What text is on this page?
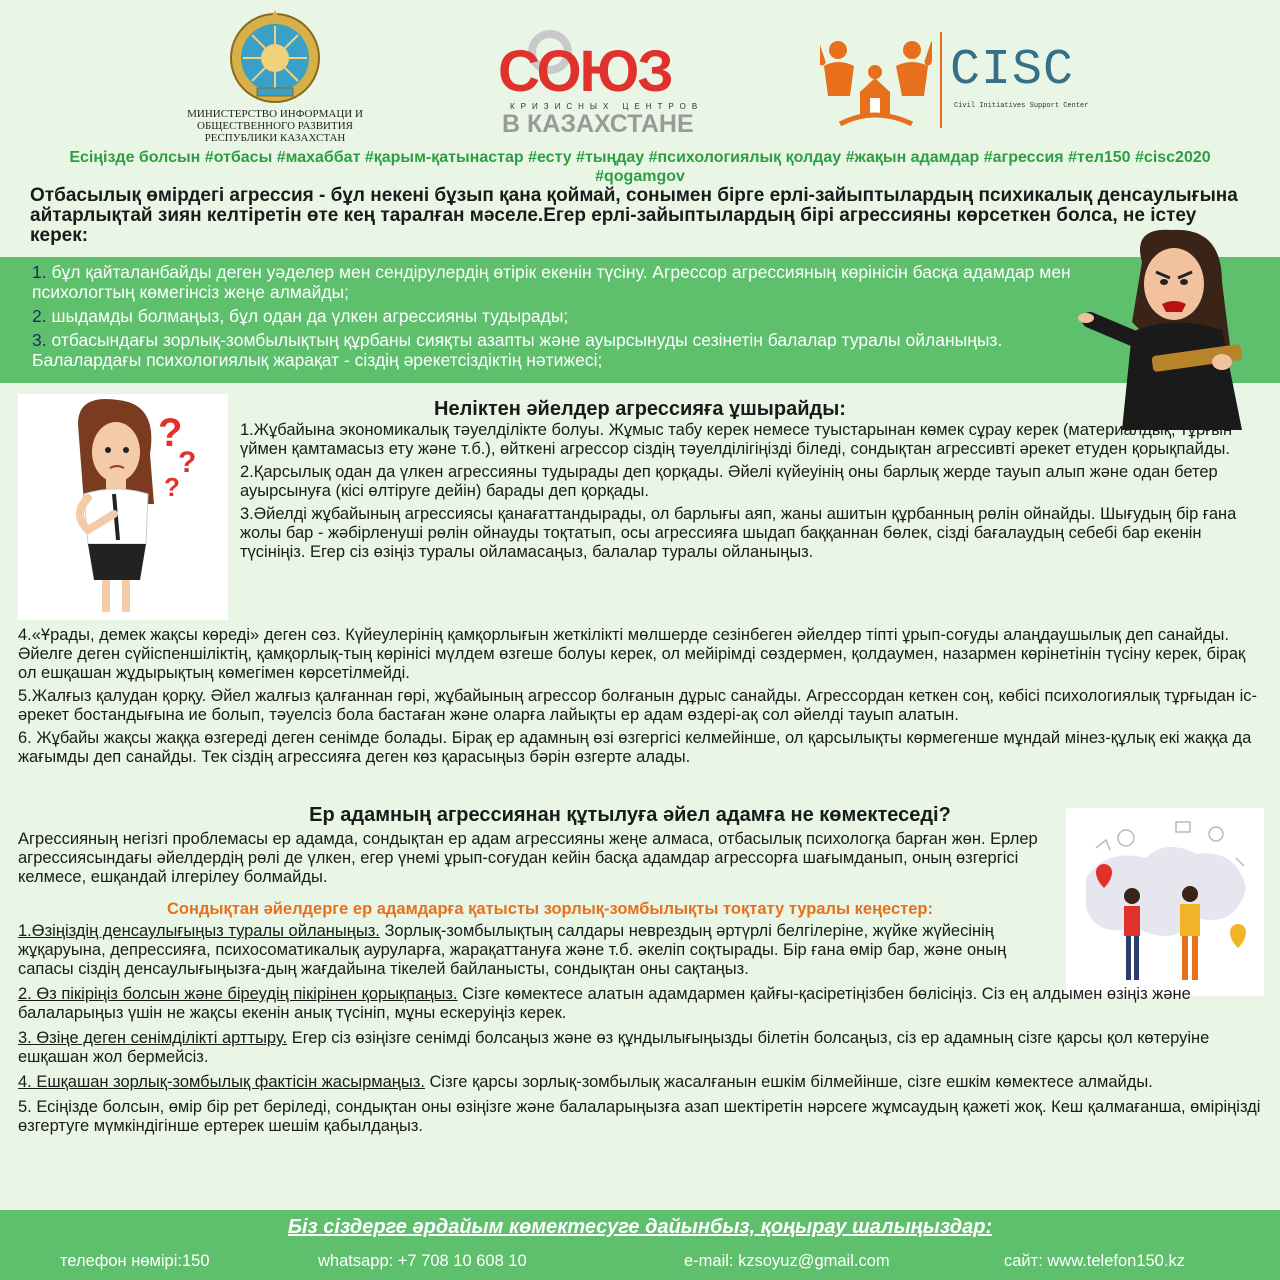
МИНИСТЕРСТВО ИНФОРМАЦИ И
ОБЩЕСТВЕННОГО РАЗВИТИЯ
РЕСПУБЛИКИ КАЗАХСТАН
СОЮЗ
КРИЗИСНЫХ ЦЕНТРОВ
В КАЗАХСТАНЕ
CISC
Civil Initiatives Support Center
Есіңізде болсын #отбасы #махаббат #қарым-қатынастар #есту #тыңдау #психологиялық қолдау #жақын адамдар #агрессия #тел150 #cisc2020 #qogamgov
Отбасылық өмірдегі агрессия - бұл некені бұзып қана қоймай, сонымен бірге ерлі-зайыптылардың психикалық денсаулығына айтарлықтай зиян келтіретін өте кең таралған мәселе.Егер ерлі-зайыптылардың бірі агрессияны көрсеткен болса, не істеу керек:
1. бұл қайталанбайды деген уәделер мен сендірулердің өтірік екенін түсіну. Агрессор агрессияның көрінісін басқа адамдар мен психологтың көмегінсіз жеңе алмайды;
2. шыдамды болмаңыз, бұл одан да үлкен агрессияны тудырады;
3. отбасындағы зорлық-зомбылықтың құрбаны сияқты азапты және ауырсынуды сезінетін балалар туралы ойланыңыз. Балалардағы психологиялық жарақат - сіздің әрекетсіздіктің нәтижесі;
?
?
?
Неліктен әйелдер агрессияға ұшырайды:
1.Жұбайына экономикалық тәуелділікте болуы. Жұмыс табу керек немесе туыстарынан көмек сұрау керек (материалдық, тұрғын үймен қамтамасыз ету және т.б.), өйткені агрессор сіздің тәуелділігіңізді біледі, сондықтан агрессивті әрекет етуден қорықпайды.
2.Қарсылық одан да үлкен агрессияны тудырады деп қорқады. Әйелі күйеуінің оны барлық жерде тауып алып және одан бетер ауырсынуға (кісі өлтіруге дейін) барады деп қорқады.
3.Әйелді жұбайының агрессиясы қанағаттандырады, ол барлығы аяп, жаны ашитын құрбанның рөлін ойнайды. Шығудың бір ғана жолы бар - жәбірленуші рөлін ойнауды тоқтатып, осы агрессияға шыдап баққаннан бөлек, сізді бағалаудың себебі бар екенін түсініңіз. Егер сіз өзіңіз туралы ойламасаңыз, балалар туралы ойланыңыз.
4.«Ұрады, демек жақсы көреді» деген сөз. Күйеулерінің қамқорлығын жеткілікті мөлшерде сезінбеген әйелдер тіпті ұрып-соғуды алаңдаушылық деп санайды. Әйелге деген сүйіспеншіліктің, қамқорлық-тың көрінісі мүлдем өзгеше болуы керек, ол мейірімді сөздермен, қолдаумен, назармен көрінетінін түсіну керек, бірақ ол ешқашан жұдырықтың көмегімен көрсетілмейді.
5.Жалғыз қалудан қорқу. Әйел жалғыз қалғаннан гөрі, жұбайының агрессор болғанын дұрыс санайды. Агрессордан кеткен соң, көбісі психологиялық тұрғыдан іс-әрекет бостандығына ие болып, тәуелсіз бола бастаған және оларға лайықты ер адам өздері-ақ сол әйелді тауып алатын.
6. Жұбайы жақсы жаққа өзгереді деген сенімде болады. Бірақ ер адамның өзі өзгергісі келмейінше, ол қарсылықты көрмегенше мұндай мінез-құлық екі жаққа да жағымды деп санайды. Тек сіздің агрессияға деген көз қарасыңыз бәрін өзгерте алады.
Ер адамның агрессиянан құтылуға әйел адамға не көмектеседі?
Агрессияның негізгі проблемасы ер адамда, сондықтан ер адам агрессияны жеңе алмаса, отбасылық психологқа барған жөн. Ерлер агрессиясындағы әйелдердің рөлі де үлкен, егер үнемі ұрып-соғудан кейін басқа адамдар агрессорға шағымданып, оның өзгергісі келмесе, ешқандай ілгерілеу болмайды.
Сондықтан әйелдерге ер адамдарға қатысты зорлық-зомбылықты тоқтату туралы кеңестер:
1.Өзіңіздің денсаулығыңыз туралы ойланыңыз. Зорлық-зомбылықтың салдары неврездың әртүрлі белгілеріне, жүйке жүйесінің жұқаруына, депрессияға, психосоматикалық ауруларға, жарақаттануға және т.б. әкеліп соқтырады. Бір ғана өмір бар, және оның сапасы сіздің денсаулығыңызға-дың жағдайына тікелей байланысты, сондықтан оны сақтаңыз.
2. Өз пікіріңіз болсын және біреудің пікірінен қорықпаңыз. Сізге көмектесе алатын адамдармен қайғы-қасіретіңізбен бөлісіңіз. Сіз ең алдымен өзіңіз және балаларыңыз үшін не жақсы екенін анық түсініп, мұны ескеруіңіз керек.
3. Өзіңе деген сенімділікті арттыру. Егер сіз өзіңізге сенімді болсаңыз және өз құндылығыңызды білетін болсаңыз, сіз ер адамның сізге қарсы қол көтеруіне ешқашан жол бермейсіз.
4. Ешқашан зорлық-зомбылық фактісін жасырмаңыз. Сізге қарсы зорлық-зомбылық жасалғанын ешкім білмейінше, сізге ешкім көмектесе алмайды.
5. Есіңізде болсын, өмір бір рет беріледі, сондықтан оны өзіңізге және балаларыңызға азап шектіретін нәрсеге жұмсаудың қажеті жоқ. Кеш қалмағанша, өміріңізді өзгертуге мүмкіндігінше ертерек шешім қабылдаңыз.
Біз сіздерге әрдайым көмектесуге дайынбыз, қоңырау шалыңыздар:
телефон нөмірі:150	whatsapp: +7 708 10 608 10	e-mail: kzsoyuz@gmail.com	сайт: www.telefon150.kz
